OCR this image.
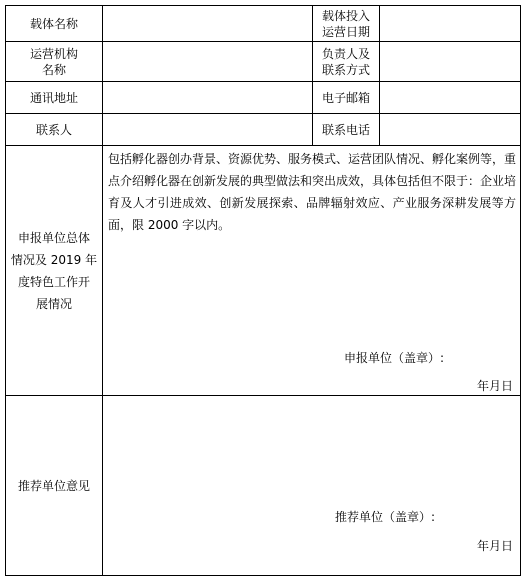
载体名称
载体投入
运营日期
运营机构
名称
负责人及
联系方式
通讯地址	电子邮箱
联系人	联系电话
申报单位总体
情况及 2019 年
度特色工作开
展情况
包括孵化器创办背景、资源优势、服务模式、运营团队情况、孵化案例等，重点介绍孵化器在创新发展的典型做法和突出成效，具体包括但不限于：企业培育及人才引进成效、创新发展探索、品牌辐射效应、产业服务深耕发展等方面，限 2000 字以内。
申报单位（盖章）:
年月日
推荐单位意见
推荐单位（盖章）:
年月日
